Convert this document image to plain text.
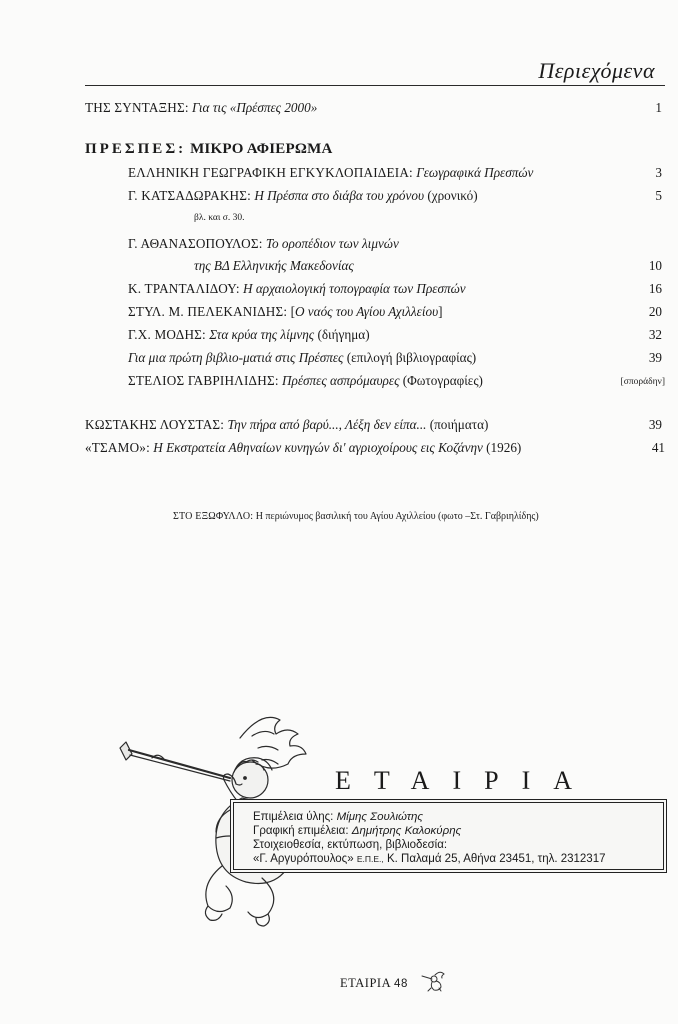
Περιεχόμενα
ΤΗΣ ΣΥΝΤΑΞΗΣ: Για τις «Πρέσπες 2000»	1
ΠΡΕΣΠΕΣ: ΜΙΚΡΟ ΑΦΙΕΡΩΜΑ
ΕΛΛΗΝΙΚΗ ΓΕΩΓΡΑΦΙΚΗ ΕΓΚΥΚΛΟΠΑΙΔΕΙΑ: Γεωγραφικά Πρεσπών	3
Γ. ΚΑΤΣΑΔΩΡΑΚΗΣ: Η Πρέσπα στο διάβα του χρόνου (χρονικό)	5
βλ. και σ. 30.
Γ. ΑΘΑΝΑΣΟΠΟΥΛΟΣ: Το οροπέδιον των λιμνών
της ΒΔ Ελληνικής Μακεδονίας	10
Κ. ΤΡΑΝΤΑΛΙΔΟΥ: Η αρχαιολογική τοπογραφία των Πρεσπών	16
ΣΤΥΛ. Μ. ΠΕΛΕΚΑΝΙΔΗΣ: [Ο ναός του Αγίου Αχιλλείου]	20
Γ.Χ. ΜΟΔΗΣ: Στα κρύα της λίμνης (διήγημα)	32
Για μια πρώτη βιβλιο-ματιά στις Πρέσπες (επιλογή βιβλιογραφίας)	39
ΣΤΕΛΙΟΣ ΓΑΒΡΙΗΛΙΔΗΣ: Πρέσπες ασπρόμαυρες (Φωτογραφίες)	[σποράδην]
ΚΩΣΤΑΚΗΣ ΛΟΥΣΤΑΣ: Την πήρα από βαρύ..., Λέξη δεν είπα... (ποιήματα)	39
«ΤΣΑΜΟ»: Η Εκστρατεία Αθηναίων κυνηγών δι' αγριοχοίρους εις Κοζάνην (1926)	41
ΣΤΟ ΕΞΩΦΥΛΛΟ: Η περιώνυμος βασιλική του Αγίου Αχιλλείου (φωτο –Στ. Γαβριηλίδης)
ΕΤΑΙΡΙΑ
Επιμέλεια ύλης: Μίμης Σουλιώτης
Γραφική επιμέλεια: Δημήτρης Καλοκύρης
Στοιχειοθεσία, εκτύπωση, βιβλιοδεσία:
«Γ. Αργυρόπουλος» Ε.Π.Ε., Κ. Παλαμά 25, Αθήνα 23451, τηλ. 2312317
ΕΤΑΙΡΙΑ 48
